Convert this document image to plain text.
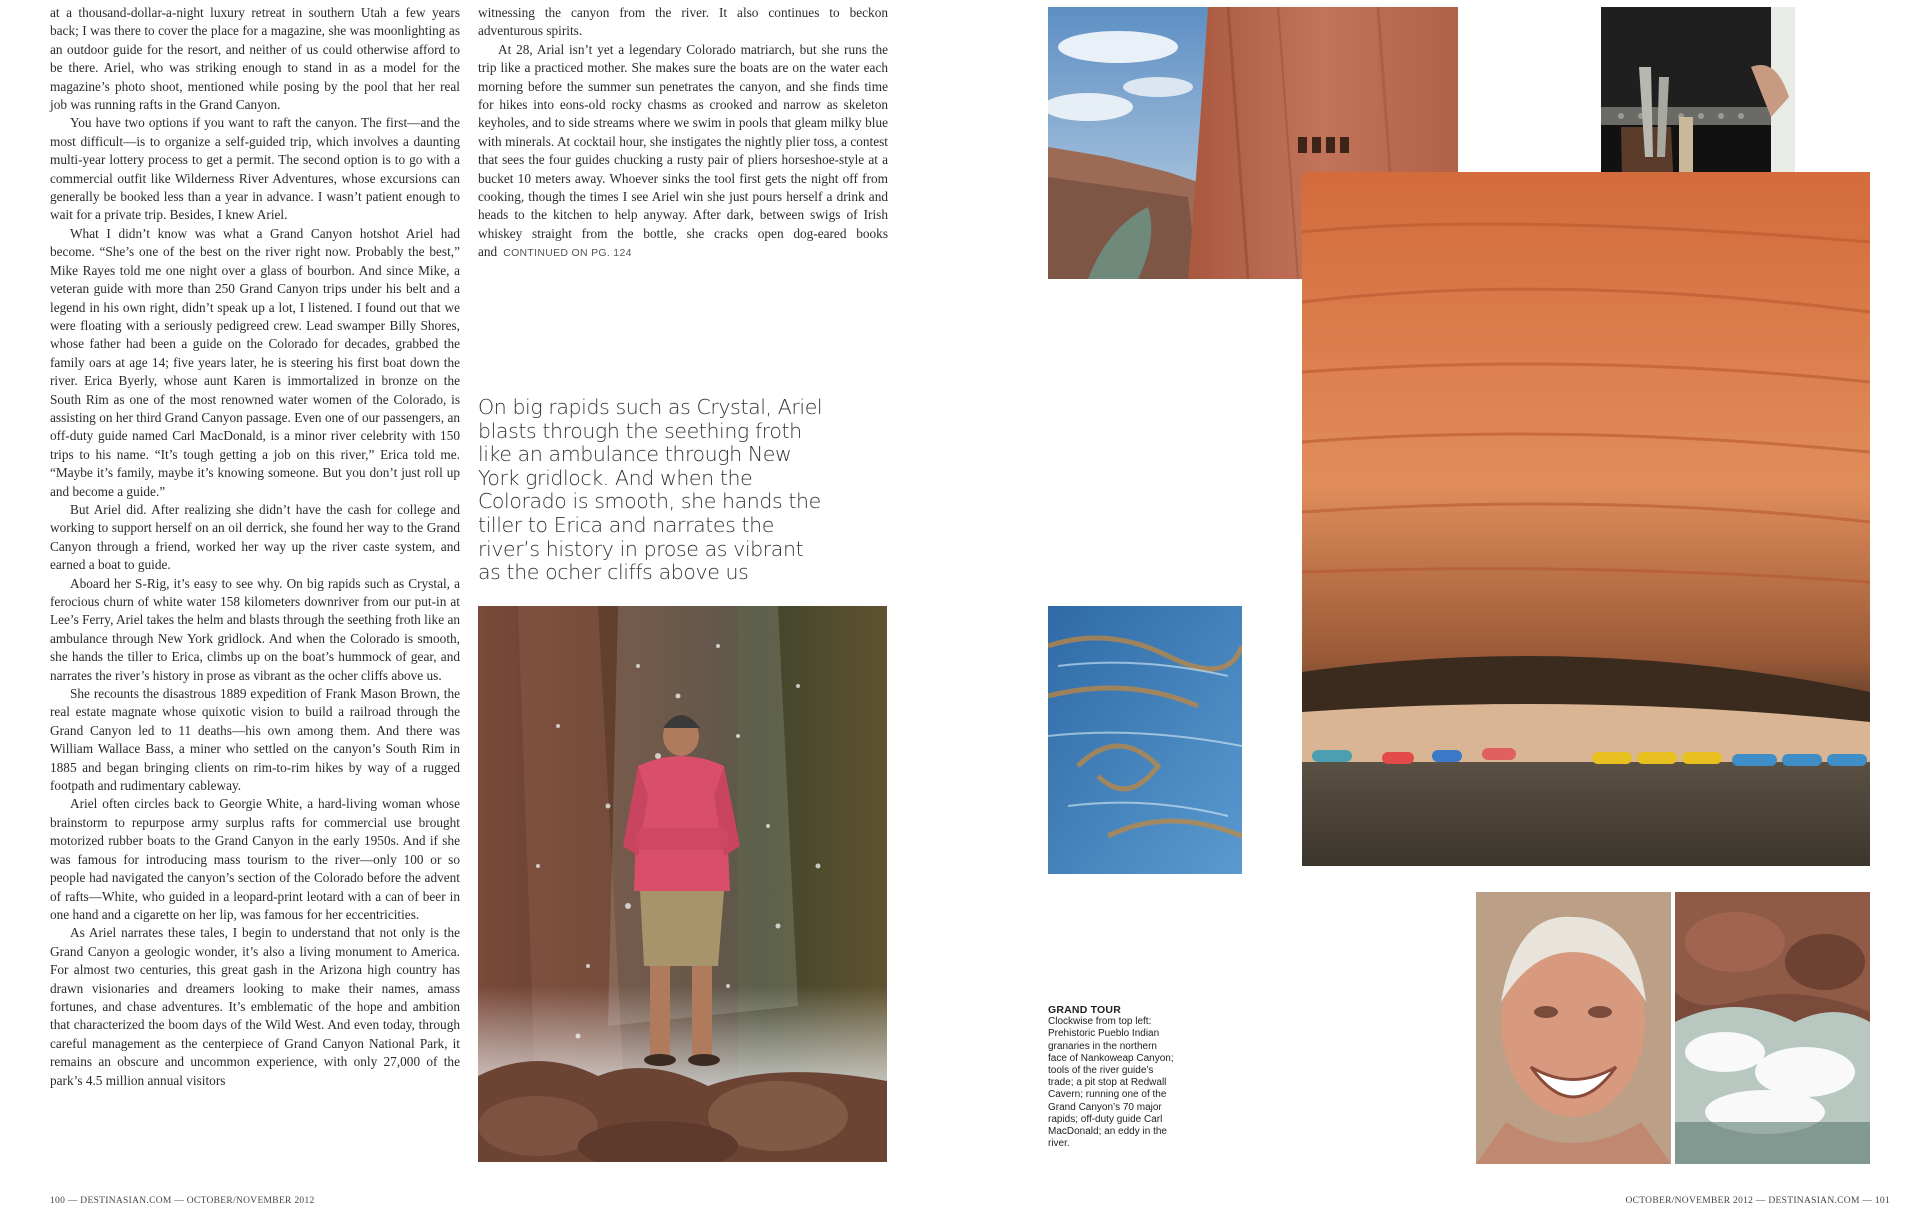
at a thousand-dollar-a-night luxury retreat in southern Utah a few years back; I was there to cover the place for a magazine, she was moonlighting as an outdoor guide for the resort, and neither of us could otherwise afford to be there. Ariel, who was striking enough to stand in as a model for the magazine’s photo shoot, mentioned while posing by the pool that her real job was running rafts in the Grand Canyon.

You have two options if you want to raft the canyon. The first—and the most difficult—is to organize a self-guided trip, which involves a daunting multi-year lottery process to get a permit. The second option is to go with a commercial outfit like Wilderness River Adventures, whose excursions can generally be booked less than a year in advance. I wasn’t patient enough to wait for a private trip. Besides, I knew Ariel.

What I didn’t know was what a Grand Canyon hotshot Ariel had become. “She’s one of the best on the river right now. Probably the best,” Mike Rayes told me one night over a glass of bourbon. And since Mike, a veteran guide with more than 250 Grand Canyon trips under his belt and a legend in his own right, didn’t speak up a lot, I listened. I found out that we were floating with a seriously pedigreed crew. Lead swamper Billy Shores, whose father had been a guide on the Colorado for decades, grabbed the family oars at age 14; five years later, he is steering his first boat down the river. Erica Byerly, whose aunt Karen is immortalized in bronze on the South Rim as one of the most renowned water women of the Colorado, is assisting on her third Grand Canyon passage. Even one of our passengers, an off-duty guide named Carl MacDonald, is a minor river celebrity with 150 trips to his name. “It’s tough getting a job on this river,” Erica told me. “Maybe it’s family, maybe it’s knowing someone. But you don’t just roll up and become a guide.”

But Ariel did. After realizing she didn’t have the cash for college and working to support herself on an oil derrick, she found her way to the Grand Canyon through a friend, worked her way up the river caste system, and earned a boat to guide.

Aboard her S-Rig, it’s easy to see why. On big rapids such as Crystal, a ferocious churn of white water 158 kilometers downriver from our put-in at Lee’s Ferry, Ariel takes the helm and blasts through the seething froth like an ambulance through New York gridlock. And when the Colorado is smooth, she hands the tiller to Erica, climbs up on the boat’s hummock of gear, and narrates the river’s history in prose as vibrant as the ocher cliffs above us.

She recounts the disastrous 1889 expedition of Frank Mason Brown, the real estate magnate whose quixotic vision to build a railroad through the Grand Canyon led to 11 deaths—his own among them. And there was William Wallace Bass, a miner who settled on the canyon’s South Rim in 1885 and began bringing clients on rim-to-rim hikes by way of a rugged footpath and rudimentary cableway.

Ariel often circles back to Georgie White, a hard-living woman whose brainstorm to repurpose army surplus rafts for commercial use brought motorized rubber boats to the Grand Canyon in the early 1950s. And if she was famous for introducing mass tourism to the river—only 100 or so people had navigated the canyon’s section of the Colorado before the advent of rafts—White, who guided in a leopard-print leotard with a can of beer in one hand and a cigarette on her lip, was famous for her eccentricities.

As Ariel narrates these tales, I begin to understand that not only is the Grand Canyon a geologic wonder, it’s also a living monument to America. For almost two centuries, this great gash in the Arizona high country has drawn visionaries and dreamers looking to make their names, amass fortunes, and chase adventures. It’s emblematic of the hope and ambition that characterized the boom days of the Wild West. And even today, through careful management as the centerpiece of Grand Canyon National Park, it remains an obscure and uncommon experience, with only 27,000 of the park’s 4.5 million annual visitors

witnessing the canyon from the river. It also continues to beckon adventurous spirits.

At 28, Arial isn’t yet a legendary Colorado matriarch, but she runs the trip like a practiced mother. She makes sure the boats are on the water each morning before the summer sun penetrates the canyon, and she finds time for hikes into eons-old rocky chasms as crooked and narrow as skeleton keyholes, and to side streams where we swim in pools that gleam milky blue with minerals. At cocktail hour, she instigates the nightly plier toss, a contest that sees the four guides chucking a rusty pair of pliers horseshoe-style at a bucket 10 meters away. Whoever sinks the tool first gets the night off from cooking, though the times I see Ariel win she just pours herself a drink and heads to the kitchen to help anyway. After dark, between swigs of Irish whiskey straight from the bottle, she cracks open dog-eared books and CONTINUED ON PG. 124

On big rapids such as Crystal, Ariel blasts through the seething froth like an ambulance through New York gridlock. And when the Colorado is smooth, she hands the tiller to Erica and narrates the river’s history in prose as vibrant as the ocher cliffs above us
GRAND TOUR
Clockwise from top left: Prehistoric Pueblo Indian granaries in the northern face of Nankoweap Canyon; tools of the river guide’s trade; a pit stop at Redwall Cavern; running one of the Grand Canyon’s 70 major rapids; off-duty guide Carl MacDonald; an eddy in the river.
100 — DESTINASIAN.COM — OCTOBER/NOVEMBER 2012	OCTOBER/NOVEMBER 2012 — DESTINASIAN.COM — 101
